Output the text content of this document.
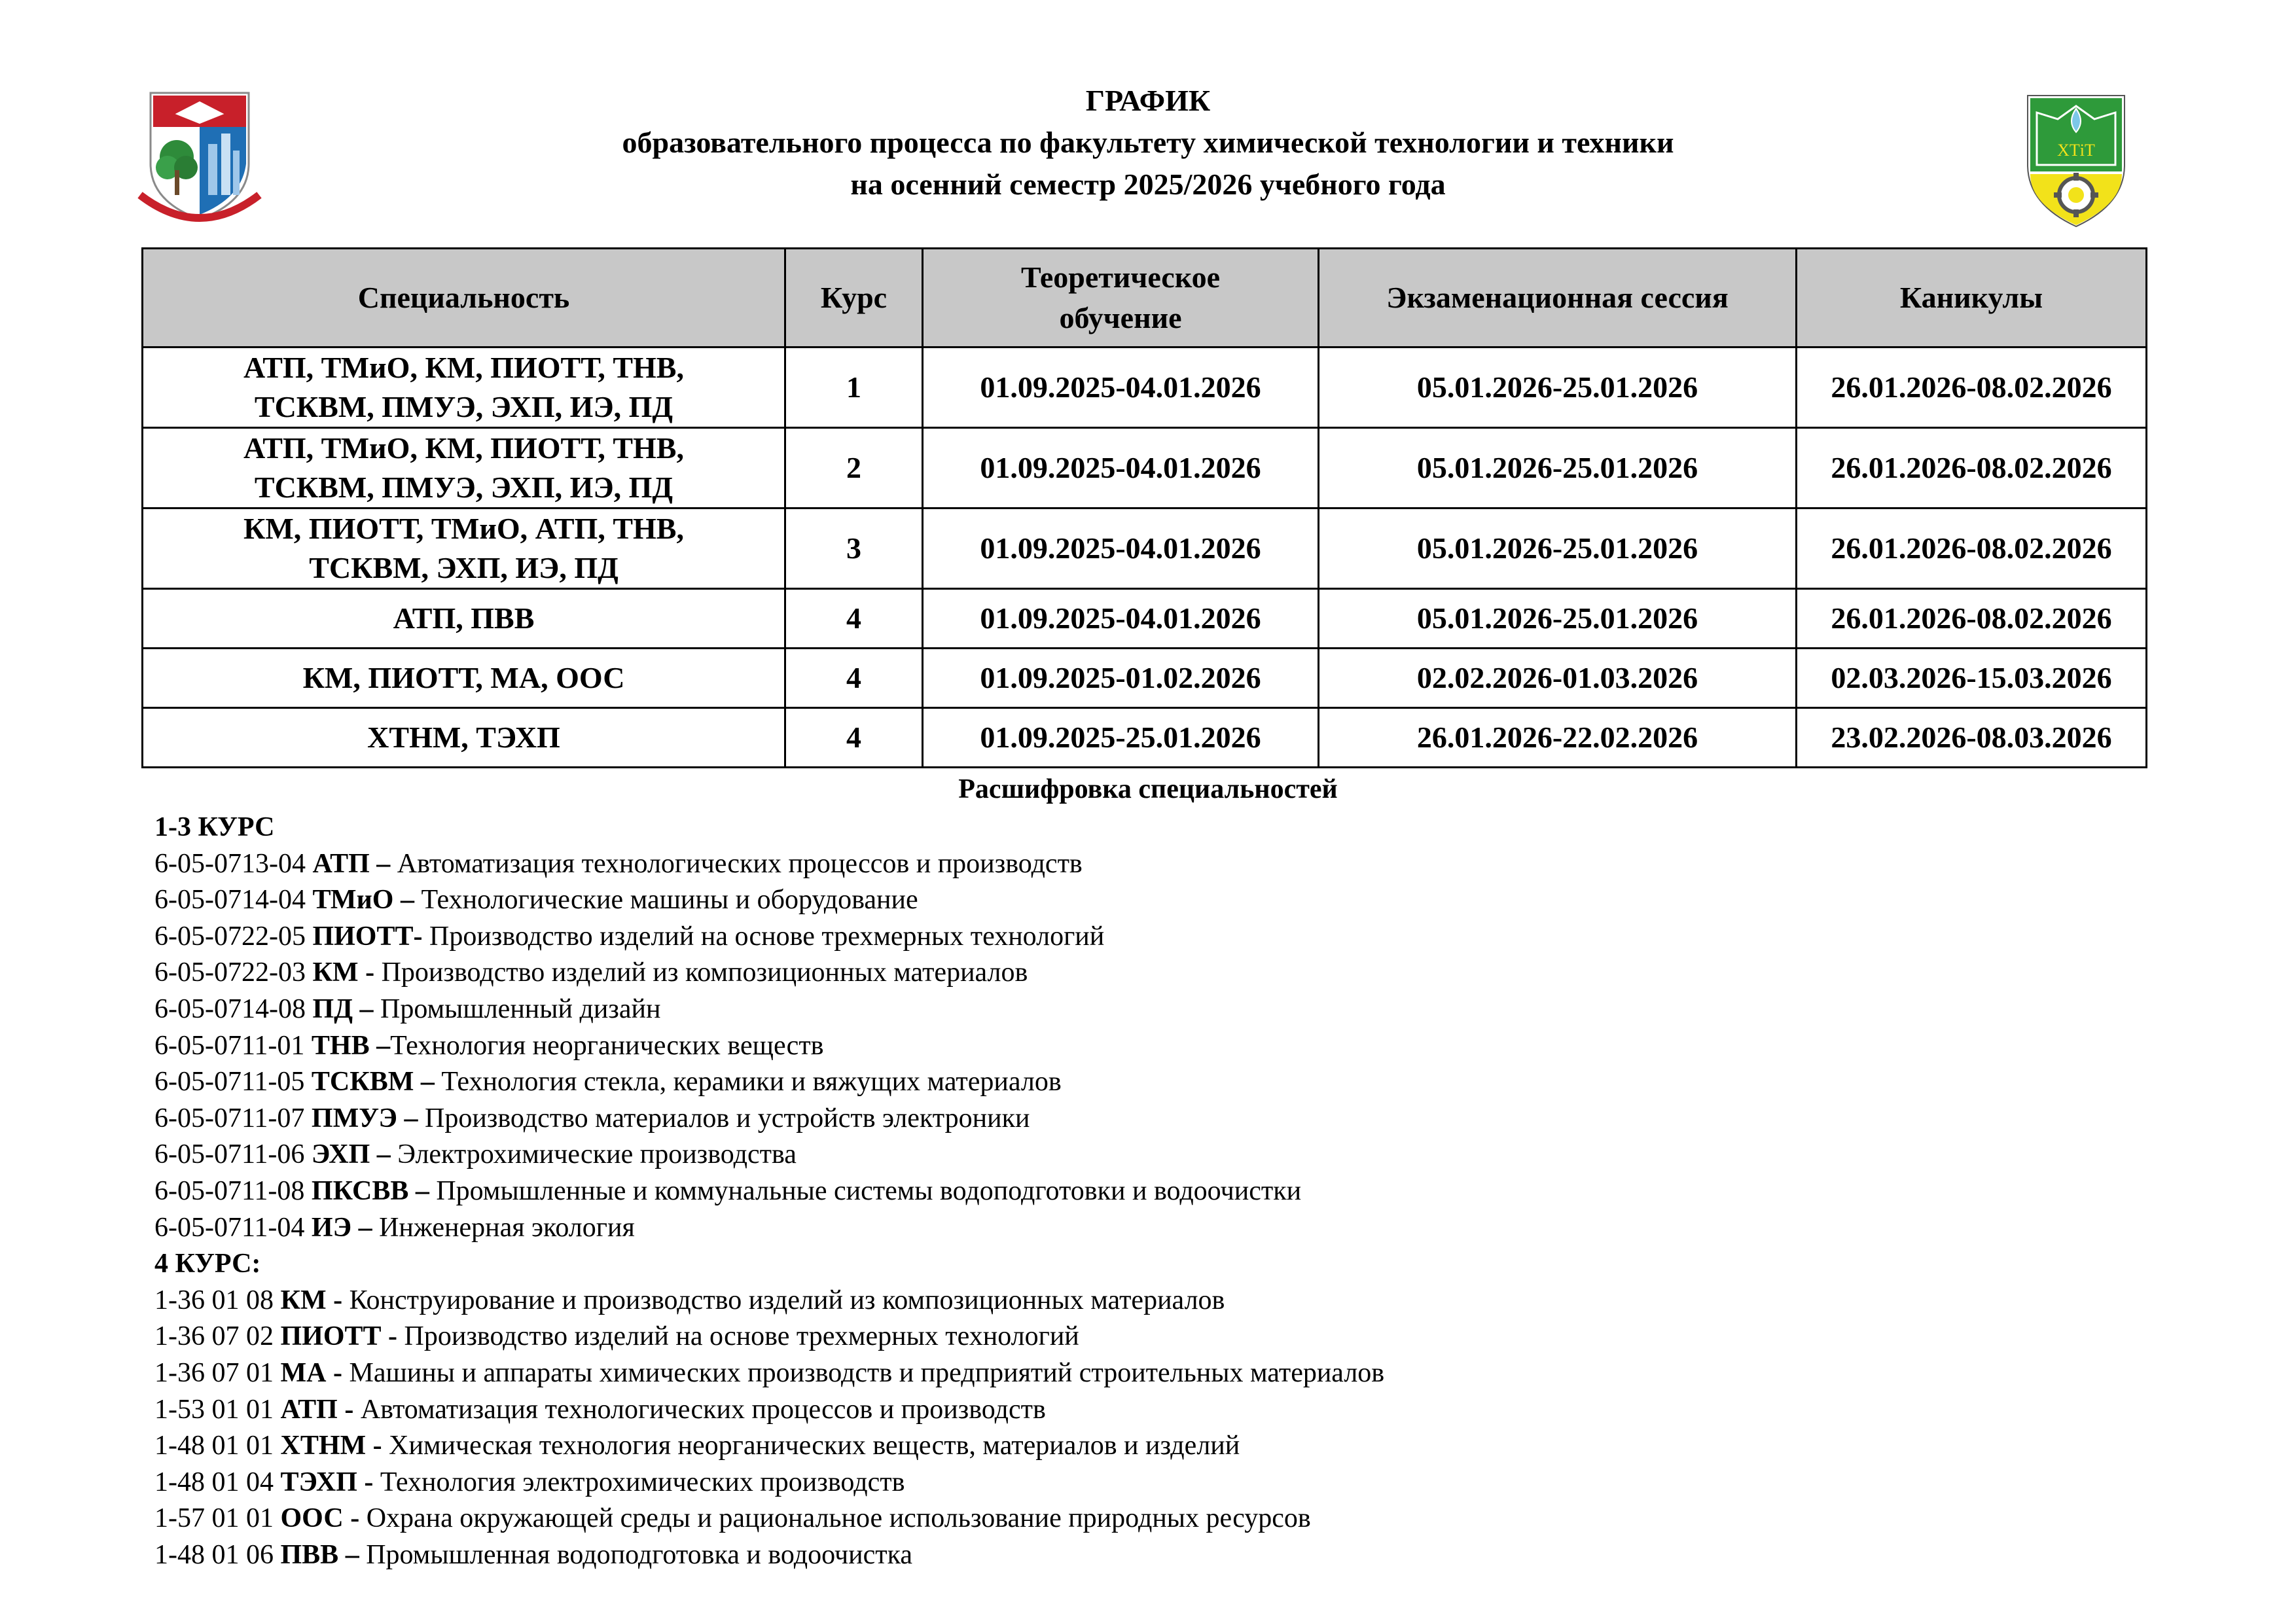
ХТіТ
ГРАФИК
образовательного процесса по факультету химической технологии и техники
на осенний семестр 2025/2026 учебного года
Специальность	Курс	Теоретическое обучение	Экзаменационная сессия	Каникулы
АТП, ТМиО, КМ, ПИОТТ, ТНВ,
ТСКВМ, ПМУЭ, ЭХП, ИЭ, ПД	1	01.09.2025-04.01.2026	05.01.2026-25.01.2026	26.01.2026-08.02.2026
АТП, ТМиО, КМ, ПИОТТ, ТНВ,
ТСКВМ, ПМУЭ, ЭХП, ИЭ, ПД	2	01.09.2025-04.01.2026	05.01.2026-25.01.2026	26.01.2026-08.02.2026
КМ, ПИОТТ, ТМиО, АТП, ТНВ,
ТСКВМ, ЭХП, ИЭ, ПД	3	01.09.2025-04.01.2026	05.01.2026-25.01.2026	26.01.2026-08.02.2026
АТП, ПВВ	4	01.09.2025-04.01.2026	05.01.2026-25.01.2026	26.01.2026-08.02.2026
КМ, ПИОТТ, МА, ООС	4	01.09.2025-01.02.2026	02.02.2026-01.03.2026	02.03.2026-15.03.2026
ХТНМ, ТЭХП	4	01.09.2025-25.01.2026	26.01.2026-22.02.2026	23.02.2026-08.03.2026
Расшифровка специальностей
1-3 КУРС
6-05-0713-04 АТП – Автоматизация технологических процессов и производств
6-05-0714-04 ТМиО – Технологические машины и оборудование
6-05-0722-05 ПИОТТ- Производство изделий на основе трехмерных технологий
6-05-0722-03 КМ - Производство изделий из композиционных материалов
6-05-0714-08 ПД – Промышленный дизайн
6-05-0711-01 ТНВ –Технология неорганических веществ
6-05-0711-05 ТСКВМ – Технология стекла, керамики и вяжущих материалов
6-05-0711-07 ПМУЭ – Производство материалов и устройств электроники
6-05-0711-06 ЭХП – Электрохимические производства
6-05-0711-08 ПКСВВ – Промышленные и коммунальные системы водоподготовки и водоочистки
6-05-0711-04 ИЭ – Инженерная экология
4 КУРС:
1-36 01 08 КМ - Конструирование и производство изделий из композиционных материалов
1-36 07 02 ПИОТТ - Производство изделий на основе трехмерных технологий
1-36 07 01 МА - Машины и аппараты химических производств и предприятий строительных материалов
1-53 01 01 АТП - Автоматизация технологических процессов и производств
1-48 01 01 ХТНМ - Химическая технология неорганических веществ, материалов и изделий
1-48 01 04 ТЭХП - Технология электрохимических производств
1-57 01 01 ООС - Охрана окружающей среды и рациональное использование природных ресурсов
1-48 01 06 ПВВ – Промышленная водоподготовка и водоочистка
